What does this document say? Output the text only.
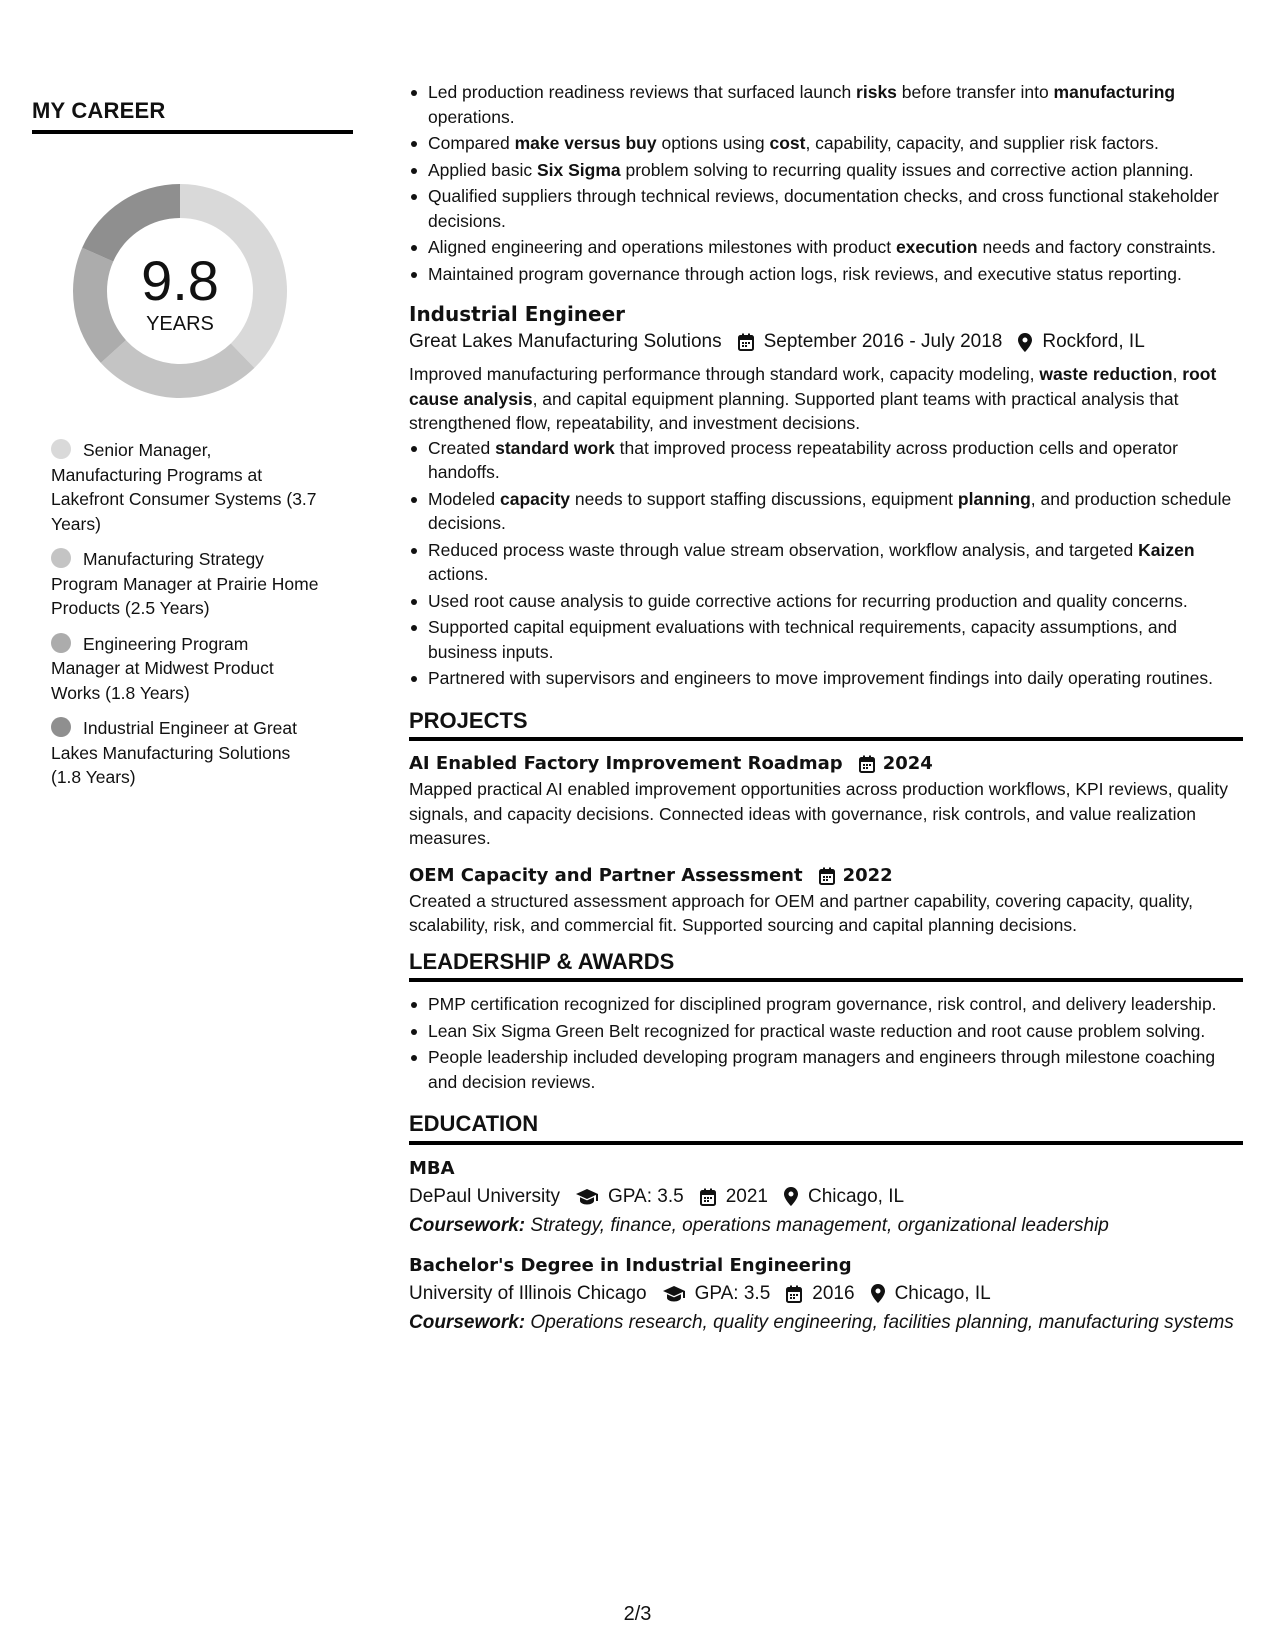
MY CAREER
9.8
YEARS
Senior Manager, Manufacturing Programs at Lakefront Consumer Systems (3.7 Years)
Manufacturing Strategy Program Manager at Prairie Home Products (2.5 Years)
Engineering Program Manager at Midwest Product Works (1.8 Years)
Industrial Engineer at Great Lakes Manufacturing Solutions (1.8 Years)
Led production readiness reviews that surfaced launch risks before transfer into manufacturing operations.
Compared make versus buy options using cost, capability, capacity, and supplier risk factors.
Applied basic Six Sigma problem solving to recurring quality issues and corrective action planning.
Qualified suppliers through technical reviews, documentation checks, and cross functional stakeholder decisions.
Aligned engineering and operations milestones with product execution needs and factory constraints.
Maintained program governance through action logs, risk reviews, and executive status reporting.
Industrial Engineer
Great Lakes Manufacturing Solutions September 2016 - July 2018 Rockford, IL
Improved manufacturing performance through standard work, capacity modeling, waste reduction, root cause analysis, and capital equipment planning. Supported plant teams with practical analysis that strengthened flow, repeatability, and investment decisions.
Created standard work that improved process repeatability across production cells and operator handoffs.
Modeled capacity needs to support staffing discussions, equipment planning, and production schedule decisions.
Reduced process waste through value stream observation, workflow analysis, and targeted Kaizen actions.
Used root cause analysis to guide corrective actions for recurring production and quality concerns.
Supported capital equipment evaluations with technical requirements, capacity assumptions, and business inputs.
Partnered with supervisors and engineers to move improvement findings into daily operating routines.
PROJECTS
AI Enabled Factory Improvement Roadmap 2024
Mapped practical AI enabled improvement opportunities across production workflows, KPI reviews, quality signals, and capacity decisions. Connected ideas with governance, risk controls, and value realization measures.
OEM Capacity and Partner Assessment 2022
Created a structured assessment approach for OEM and partner capability, covering capacity, quality, scalability, risk, and commercial fit. Supported sourcing and capital planning decisions.
LEADERSHIP & AWARDS
PMP certification recognized for disciplined program governance, risk control, and delivery leadership.
Lean Six Sigma Green Belt recognized for practical waste reduction and root cause problem solving.
People leadership included developing program managers and engineers through milestone coaching and decision reviews.
EDUCATION
MBA
DePaul University	GPA: 3.5 2021 Chicago, IL
Coursework: Strategy, finance, operations management, organizational leadership
Bachelor's Degree in Industrial Engineering
University of Illinois Chicago	GPA: 3.5 2016 Chicago, IL
Coursework: Operations research, quality engineering, facilities planning, manufacturing systems
2/3
